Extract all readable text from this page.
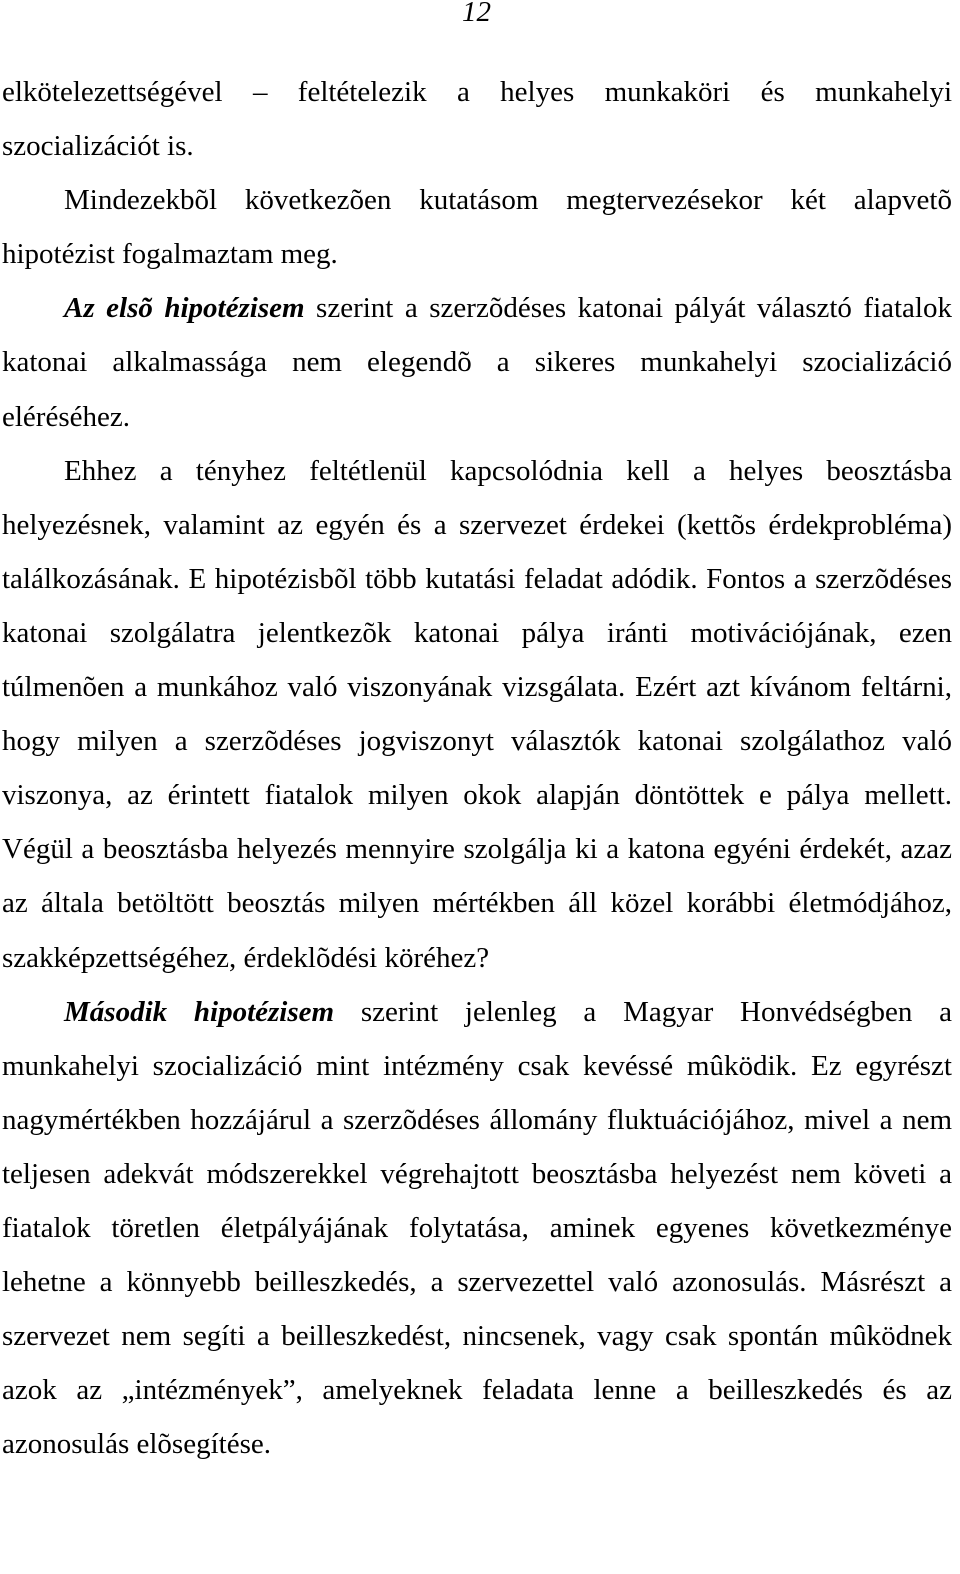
12

elkötelezettségével – feltételezik a helyes munkaköri és munkahelyi szocializációt is.

Mindezekbõl következõen kutatásom megtervezésekor két alapvetõ hipotézist fogalmaztam meg.

Az elsõ hipotézisem szerint a szerzõdéses katonai pályát választó fiatalok katonai alkalmassága nem elegendõ a sikeres munkahelyi szocializáció eléréséhez.

Ehhez a tényhez feltétlenül kapcsolódnia kell a helyes beosztásba helyezésnek, valamint az egyén és a szervezet érdekei (kettõs érdekprobléma) találkozásának. E hipotézisbõl több kutatási feladat adódik. Fontos a szerzõdéses katonai szolgálatra jelentkezõk katonai pálya iránti motivációjának, ezen túlmenõen a munkához való viszonyának vizsgálata. Ezért azt kívánom feltárni, hogy milyen a szerzõdéses jogviszonyt választók katonai szolgálathoz való viszonya, az érintett fiatalok milyen okok alapján döntöttek e pálya mellett. Végül a beosztásba helyezés mennyire szolgálja ki a katona egyéni érdekét, azaz az általa betöltött beosztás milyen mértékben áll közel korábbi életmódjához, szakképzettségéhez, érdeklõdési köréhez?

Második hipotézisem szerint jelenleg a Magyar Honvédségben a munkahelyi szocializáció mint intézmény csak kevéssé mûködik. Ez egyrészt nagymértékben hozzájárul a szerzõdéses állomány fluktuációjához, mivel a nem teljesen adekvát módszerekkel végrehajtott beosztásba helyezést nem követi a fiatalok töretlen életpályájának folytatása, aminek egyenes következménye lehetne a könnyebb beilleszkedés, a szervezettel való azonosulás. Másrészt a szervezet nem segíti a beilleszkedést, nincsenek, vagy csak spontán mûködnek azok az „intézmények”, amelyeknek feladata lenne a beilleszkedés és az azonosulás elõsegítése.
